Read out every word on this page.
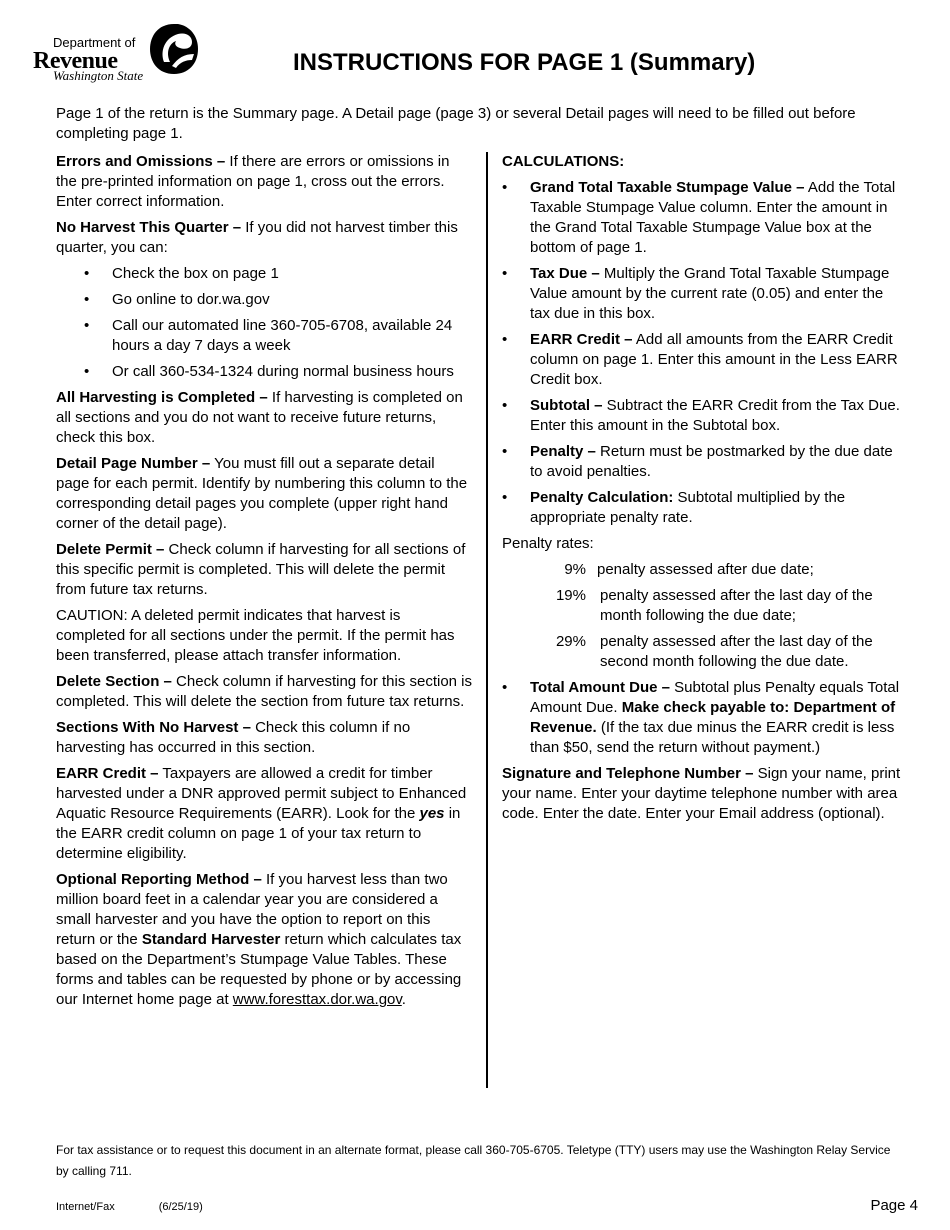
Department of
Revenue
Washington State	INSTRUCTIONS FOR PAGE 1 (Summary)
Page 1 of the return is the Summary page. A Detail page (page 3) or several Detail pages will need to be filled out before completing page 1.

Errors and Omissions – If there are errors or omissions in the pre-printed information on page 1, cross out the errors. Enter correct information.

No Harvest This Quarter – If you did not harvest timber this quarter, you can:

• Check the box on page 1
• Go online to dor.wa.gov
• Call our automated line 360-705-6708, available 24 hours a day 7 days a week
• Or call 360-534-1324 during normal business hours

All Harvesting is Completed – If harvesting is completed on all sections and you do not want to receive future returns, check this box.

Detail Page Number – You must fill out a separate detail page for each permit. Identify by numbering this column to the corresponding detail pages you complete (upper right hand corner of the detail page).

Delete Permit – Check column if harvesting for all sections of this specific permit is completed. This will delete the permit from future tax returns.

CAUTION: A deleted permit indicates that harvest is completed for all sections under the permit. If the permit has been transferred, please attach transfer information.

Delete Section – Check column if harvesting for this section is completed. This will delete the section from future tax returns.

Sections With No Harvest – Check this column if no harvesting has occurred in this section.

EARR Credit – Taxpayers are allowed a credit for timber harvested under a DNR approved permit subject to Enhanced Aquatic Resource Requirements (EARR). Look for the yes in the EARR credit column on page 1 of your tax return to determine eligibility.

Optional Reporting Method – If you harvest less than two million board feet in a calendar year you are considered a small harvester and you have the option to report on this return or the Standard Harvester return which calculates tax based on the Department’s Stumpage Value Tables. These forms and tables can be requested by phone or by accessing our Internet home page at www.foresttax.dor.wa.gov.

CALCULATIONS:

• Grand Total Taxable Stumpage Value – Add the Total Taxable Stumpage Value column. Enter the amount in the Grand Total Taxable Stumpage Value box at the bottom of page 1.
• Tax Due – Multiply the Grand Total Taxable Stumpage Value amount by the current rate (0.05) and enter the tax due in this box.
• EARR Credit – Add all amounts from the EARR Credit column on page 1. Enter this amount in the Less EARR Credit box.
• Subtotal – Subtract the EARR Credit from the Tax Due. Enter this amount in the Subtotal box.
• Penalty – Return must be postmarked by the due date to avoid penalties.
• Penalty Calculation: Subtotal multiplied by the appropriate penalty rate.

Penalty rates:

9% penalty assessed after due date;
19% penalty assessed after the last day of the month following the due date;
29% penalty assessed after the last day of the second month following the due date.
• Total Amount Due – Subtotal plus Penalty equals Total Amount Due. Make check payable to: Department of Revenue. (If the tax due minus the EARR credit is less than $50, send the return without payment.)

Signature and Telephone Number – Sign your name, print your name. Enter your daytime telephone number with area code. Enter the date. Enter your Email address (optional).

For tax assistance or to request this document in an alternate format, please call 360-705-6705. Teletype (TTY) users may use the Washington Relay Service by calling 711.
Internet/Fax	(6/25/19)	Page 4
